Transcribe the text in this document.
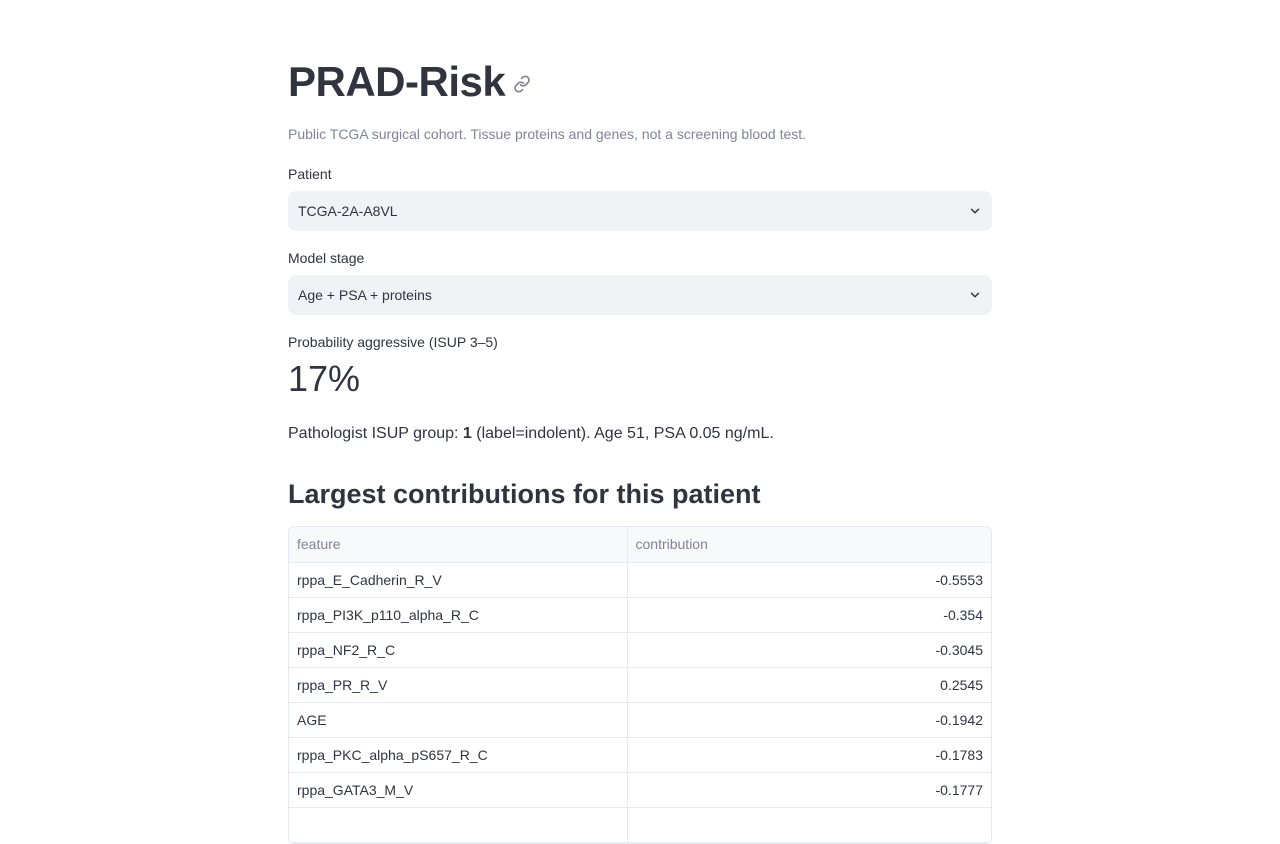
PRAD-Risk
Public TCGA surgical cohort. Tissue proteins and genes, not a screening blood test.
Patient
TCGA-2A-A8VL
Model stage
Age + PSA + proteins
Probability aggressive (ISUP 3–5)
17%
Pathologist ISUP group: 1 (label=indolent). Age 51, PSA 0.05 ng/mL.
Largest contributions for this patient
feature	contribution
rppa_E_Cadherin_R_V	-0.5553
rppa_PI3K_p110_alpha_R_C	-0.354
rppa_NF2_R_C	-0.3045
rppa_PR_R_V	0.2545
AGE	-0.1942
rppa_PKC_alpha_pS657_R_C	-0.1783
rppa_GATA3_M_V	-0.1777
